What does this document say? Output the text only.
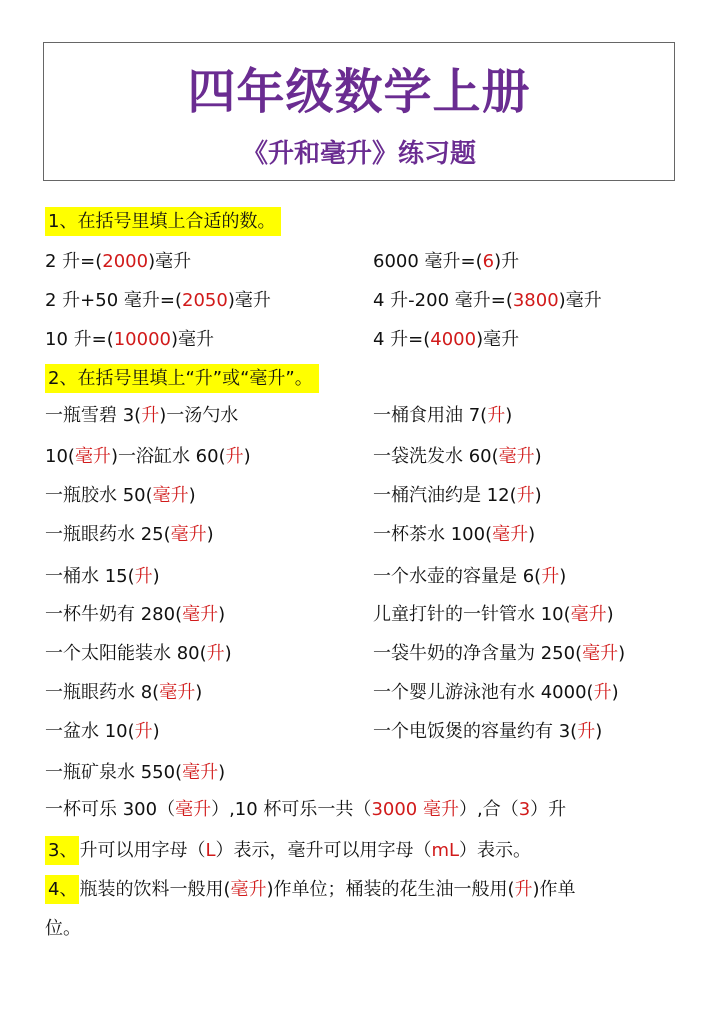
四年级数学上册
《升和毫升》练习题
1、在括号里填上合适的数。
2 升=(2000)毫升	6000 毫升=(6)升
2 升+50 毫升=(2050)毫升	4 升-200 毫升=(3800)毫升
10 升=(10000)毫升	4 升=(4000)毫升
2、在括号里填上“升”或“毫升”。
一瓶雪碧 3(升)一汤勺水	一桶食用油 7(升)
10(毫升)一浴缸水 60(升)	一袋洗发水 60(毫升)
一瓶胶水 50(毫升)	一桶汽油约是 12(升)
一瓶眼药水 25(毫升)	一杯茶水 100(毫升)
一桶水 15(升)	一个水壶的容量是 6(升)
一杯牛奶有 280(毫升)	儿童打针的一针管水 10(毫升)
一个太阳能装水 80(升)	一袋牛奶的净含量为 250(毫升)
一瓶眼药水 8(毫升)	一个婴儿游泳池有水 4000(升)
一盆水 10(升)	一个电饭煲的容量约有 3(升)
一瓶矿泉水 550(毫升)
一杯可乐 300（毫升）,10 杯可乐一共（3000 毫升）,合（3）升
3、 升可以用字母（L）表示，毫升可以用字母（mL）表示。
4、 瓶装的饮料一般用(毫升)作单位；桶装的花生油一般用(升)作单
位。
